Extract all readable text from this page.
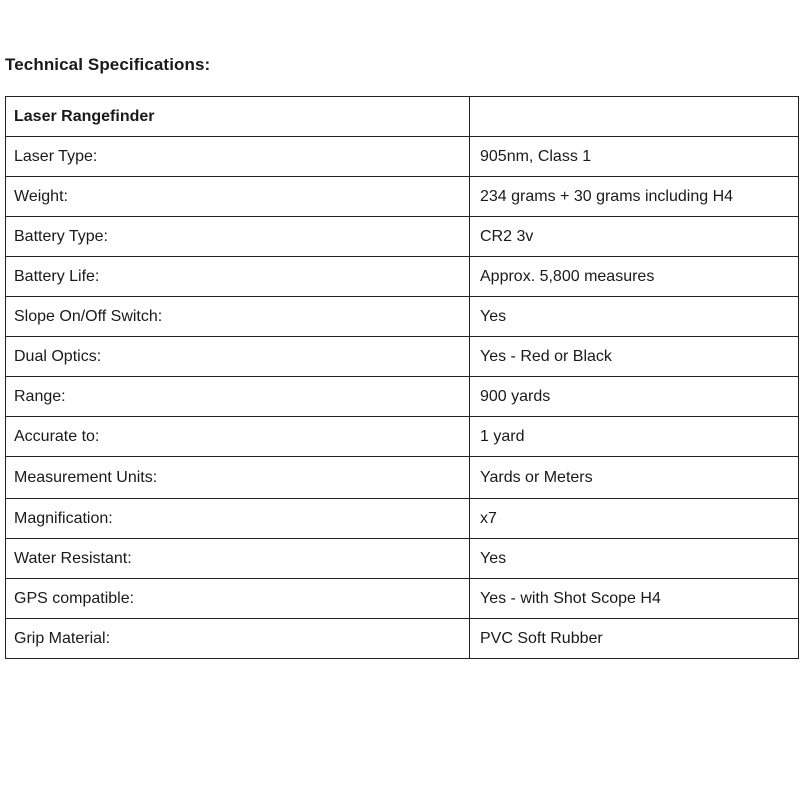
Technical Specifications:
Laser Rangefinder	
Laser Type:	905nm, Class 1
Weight:	234 grams + 30 grams including H4
Battery Type:	CR2 3v
Battery Life:	Approx. 5,800 measures
Slope On/Off Switch:	Yes
Dual Optics:	Yes - Red or Black
Range:	900 yards
Accurate to:	1 yard
Measurement Units:	Yards or Meters
Magnification:	x7
Water Resistant:	Yes
GPS compatible:	Yes - with Shot Scope H4
Grip Material:	PVC Soft Rubber
